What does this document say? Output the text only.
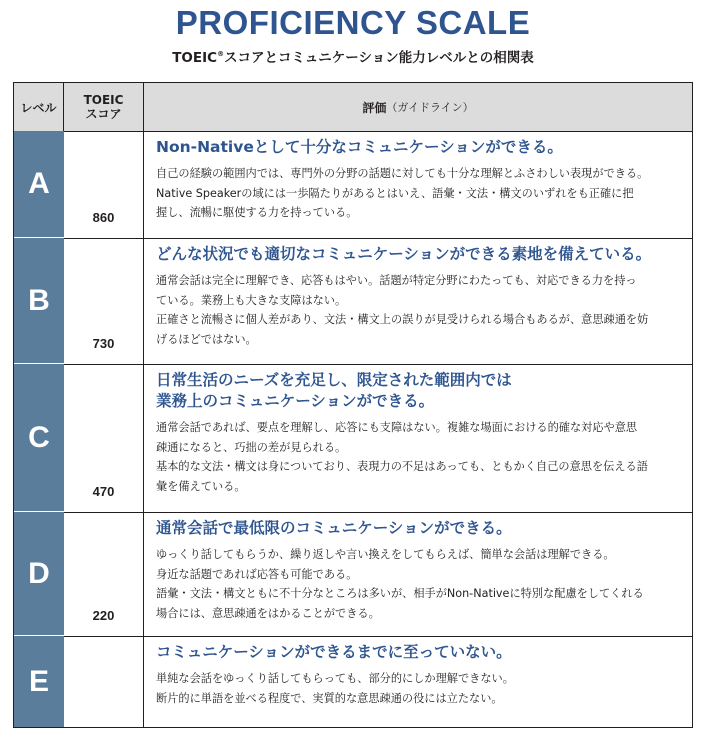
PROFICIENCY SCALE
TOEIC®スコアとコミュニケーション能力レベルとの相関表
レベル
TOEIC
スコア	評価 （ガイドライン）
A
860
Non-Nativeとして十分なコミュニケーションができる。
自己の経験の範囲内では、専門外の分野の話題に対しても十分な理解とふさわしい表現ができる。
Native Speakerの域には一歩隔たりがあるとはいえ、語彙・文法・構文のいずれをも正確に把
握し、流暢に駆使する力を持っている。
B
730
どんな状況でも適切なコミュニケーションができる素地を備えている。
通常会話は完全に理解でき、応答もはやい。話題が特定分野にわたっても、対応できる力を持っ
ている。業務上も大きな支障はない。
正確さと流暢さに個人差があり、文法・構文上の誤りが見受けられる場合もあるが、意思疎通を妨
げるほどではない。
C
470
日常生活のニーズを充足し、限定された範囲内では
業務上のコミュニケーションができる。
通常会話であれば、要点を理解し、応答にも支障はない。複雑な場面における的確な対応や意思
疎通になると、巧拙の差が見られる。
基本的な文法・構文は身についており、表現力の不足はあっても、ともかく自己の意思を伝える語
彙を備えている。
D
220
通常会話で最低限のコミュニケーションができる。
ゆっくり話してもらうか、繰り返しや言い換えをしてもらえば、簡単な会話は理解できる。
身近な話題であれば応答も可能である。
語彙・文法・構文ともに不十分なところは多いが、相手がNon-Nativeに特別な配慮をしてくれる
場合には、意思疎通をはかることができる。
E
コミュニケーションができるまでに至っていない。
単純な会話をゆっくり話してもらっても、部分的にしか理解できない。
断片的に単語を並べる程度で、実質的な意思疎通の役には立たない。
